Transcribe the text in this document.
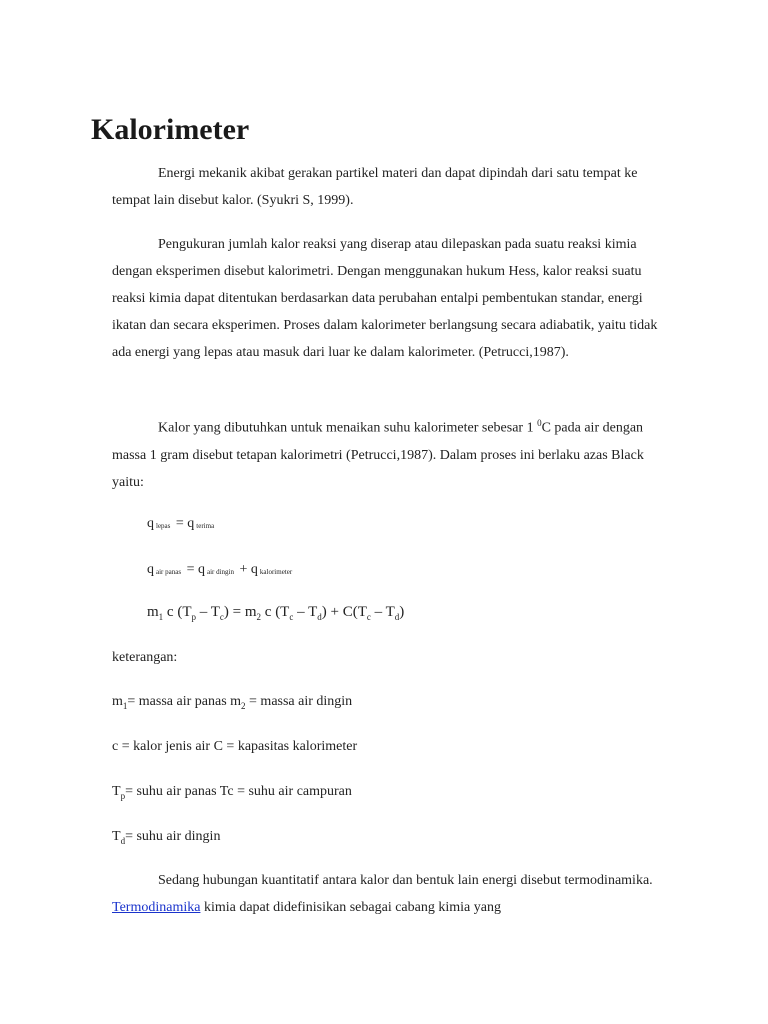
Kalorimeter

Energi mekanik akibat gerakan partikel materi dan dapat dipindah dari satu tempat ke tempat lain disebut kalor. (Syukri S, 1999).

Pengukuran jumlah kalor reaksi yang diserap atau dilepaskan pada suatu reaksi kimia dengan eksperimen disebut kalorimetri. Dengan menggunakan hukum Hess, kalor reaksi suatu reaksi kimia dapat ditentukan berdasarkan data perubahan entalpi pembentukan standar, energi ikatan dan secara eksperimen. Proses dalam kalorimeter berlangsung secara adiabatik, yaitu tidak ada energi yang lepas atau masuk dari luar ke dalam kalorimeter. (Petrucci,1987).

Kalor yang dibutuhkan untuk menaikan suhu kalorimeter sebesar 1 $^0$C pada air dengan massa 1 gram disebut tetapan kalorimetri (Petrucci,1987). Dalam proses ini berlaku azas Black yaitu:

q $_{lepas}$ = q $_{terima}$
q $_{air panas}$ = q $_{air dingin}$ + q $_{kalorimeter}$
$m_1$ c $(T_p - T_c) = m_2$ c $(T_c - T_d) + C(T_c - T_d)$

keterangan:

$m_1=$ massa air panas $m_2$ = massa air dingin

c = kalor jenis air C = kapasitas kalorimeter

$T_p=$ suhu air panas Tc = suhu air campuran

$T_d=$ suhu air dingin

Sedang hubungan kuantitatif antara kalor dan bentuk lain energi disebut termodinamika. Termodinamika kimia dapat didefinisikan sebagai cabang kimia yang
